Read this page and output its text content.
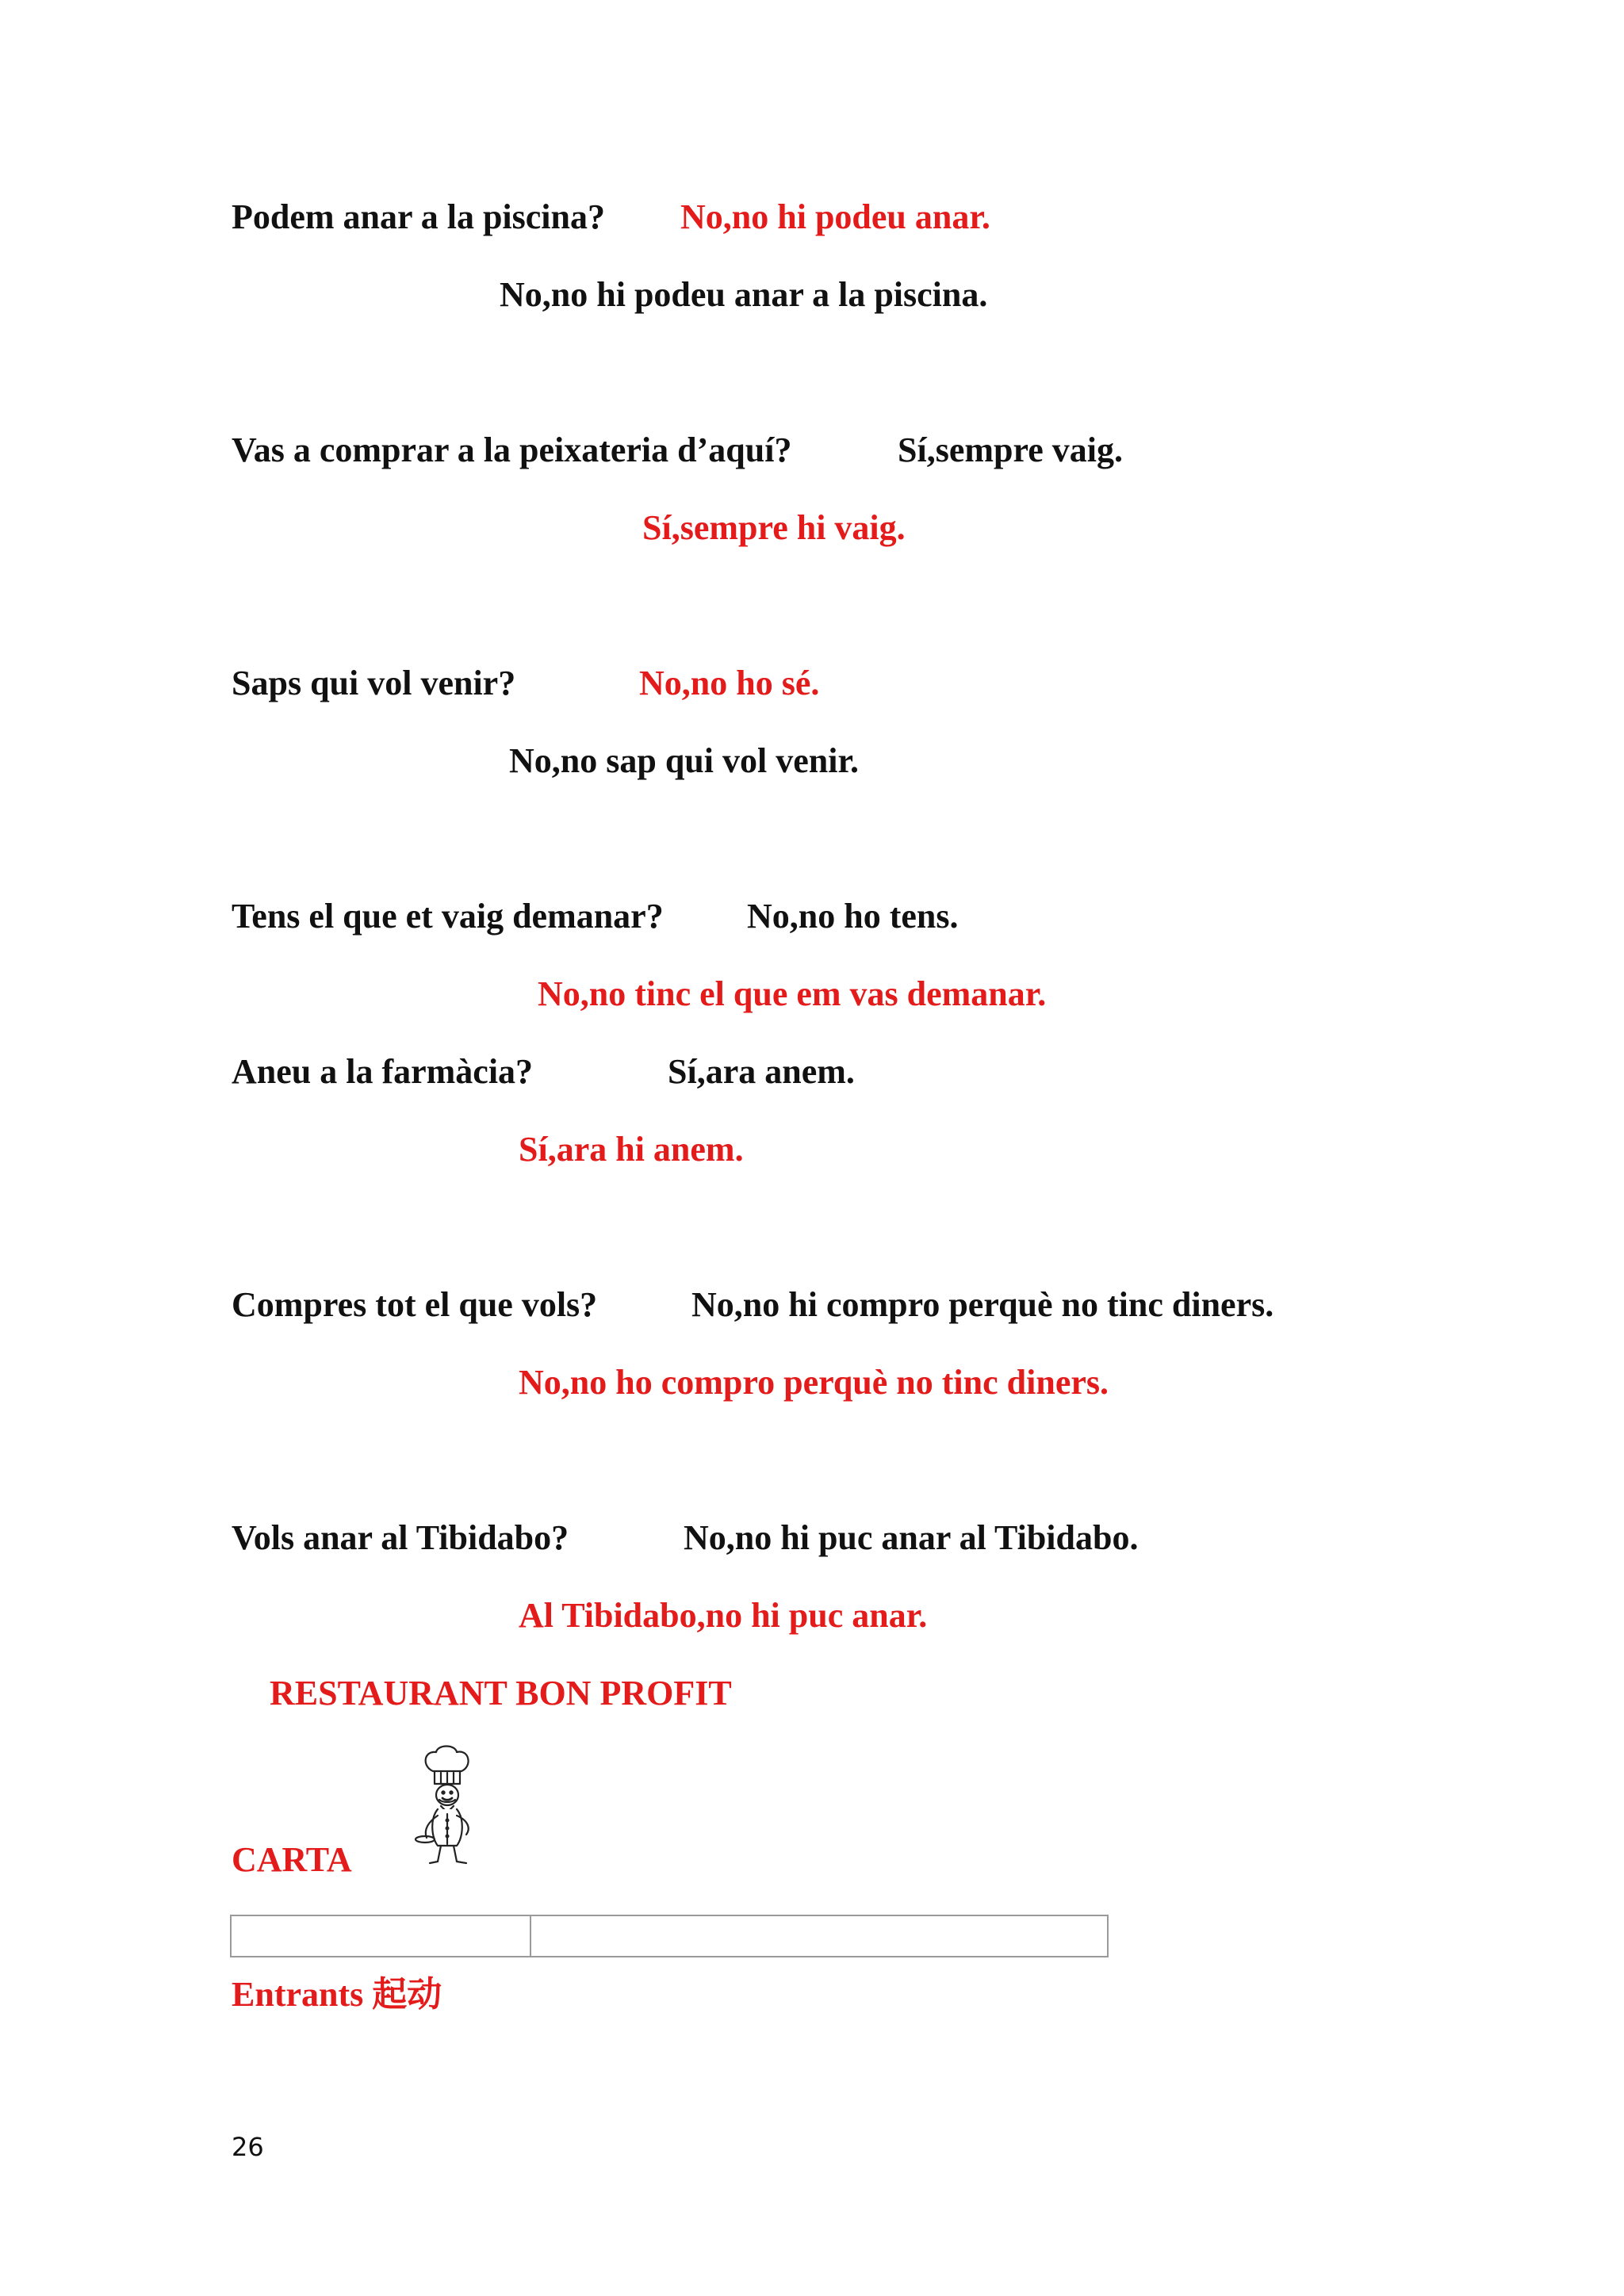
Podem anar a la piscina? No,no hi podeu anar.
No,no hi podeu anar a la piscina.
Vas a comprar a la peixateria d’aquí?	Sí,sempre vaig.
Sí,sempre hi vaig.
Saps qui vol venir?	No,no ho sé.
No,no sap qui vol venir.
Tens el que et vaig demanar? No,no ho tens.
No,no tinc el que em vas demanar.
Aneu a la farmàcia?	Sí,ara anem.
Sí,ara hi anem.
Compres tot el que vols?	No,no hi compro perquè no tinc diners.
No,no ho compro perquè no tinc diners.
Vols anar al Tibidabo?	No,no hi puc anar al Tibidabo.
Al Tibidabo,no hi puc anar.
RESTAURANT BON PROFIT
CARTA
Entrants 起动
26
